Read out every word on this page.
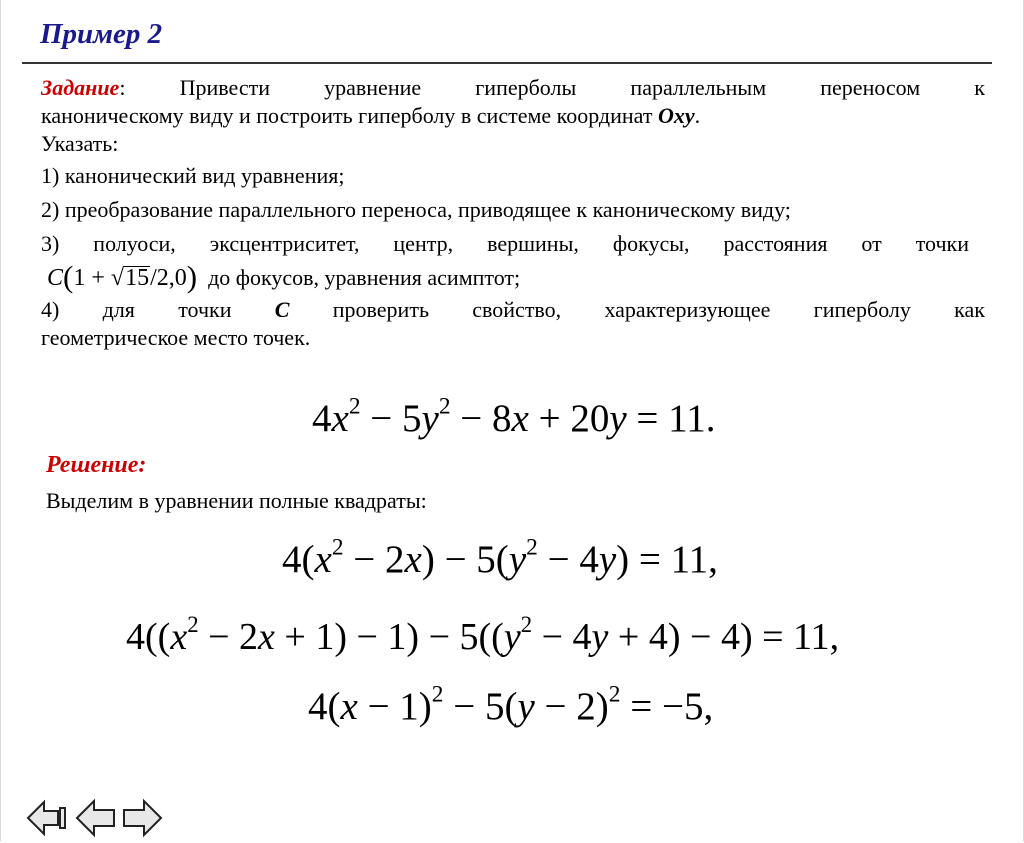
Пример 2

Задание: Привести уравнение гиперболы параллельным переносом к

каноническому виду и построить гиперболу в системе координат Oxy.

Указать:

1) канонический вид уравнения;

2) преобразование параллельного переноса, приводящее к каноническому виду;

3) полуоси, эксцентриситет, центр, вершины, фокусы, расстояния от точки

C(1 + √15/2,0) до фокусов, уравнения асимптот;

4) для точки C проверить свойство, характеризующее гиперболу как

геометрическое место точек.

$4x^2 - 5y^2 - 8x + 20y = 11$.
Решение:
Выделим в уравнении полные квадраты:
$4(x^2 - 2x) - 5(y^2 - 4y) = 11$,
$4((x^2 - 2x + 1) - 1) - 5((y^2 - 4y + 4) - 4) = 11$,
$4(x - 1)^2 - 5(y - 2)^2 = -5$,
